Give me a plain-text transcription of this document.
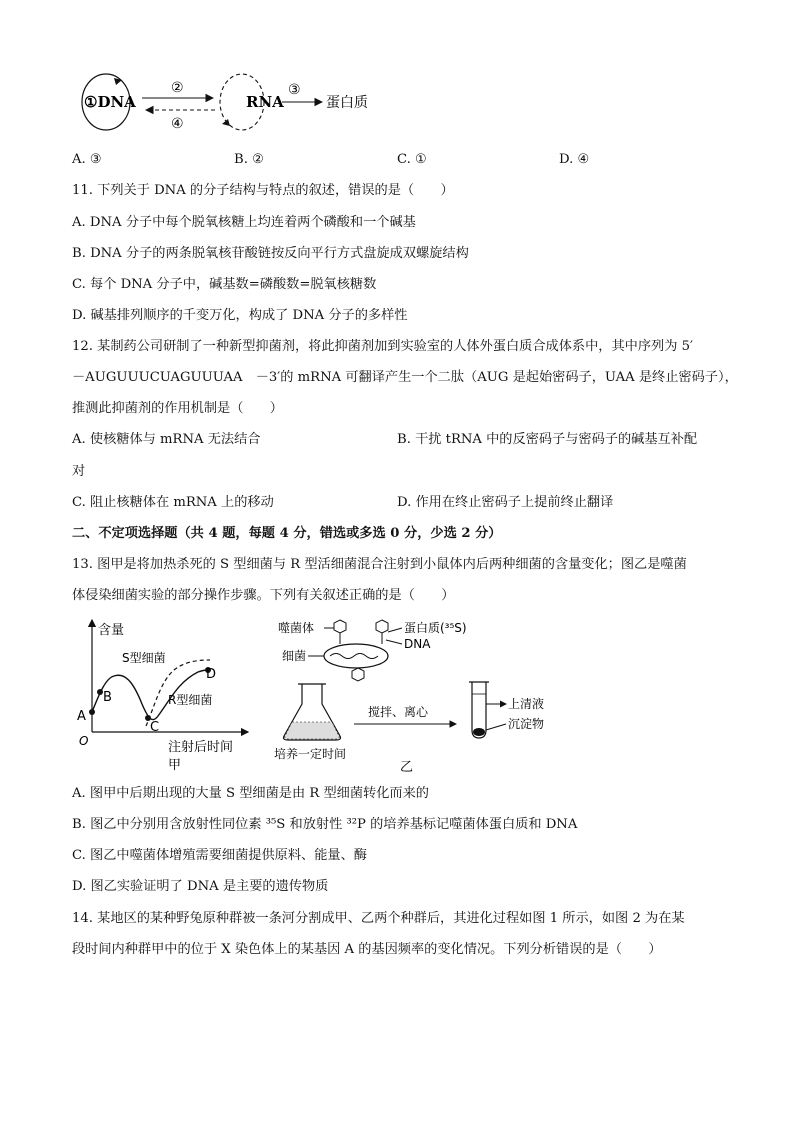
①DNA
②
④
RNA
③
蛋白质
A. ③	B. ②	C. ①	D. ④
11. 下列关于 DNA 的分子结构与特点的叙述，错误的是（　　）
A. DNA 分子中每个脱氧核糖上均连着两个磷酸和一个碱基
B. DNA 分子的两条脱氧核苷酸链按反向平行方式盘旋成双螺旋结构
C. 每个 DNA 分子中，碱基数=磷酸数=脱氧核糖数
D. 碱基排列顺序的千变万化，构成了 DNA 分子的多样性
12. 某制药公司研制了一种新型抑菌剂，将此抑菌剂加到实验室的人体外蛋白质合成体系中，其中序列为 5′
－AUGUUUCUAGUUUAA　－3′的 mRNA 可翻译产生一个二肽（AUG 是起始密码子，UAA 是终止密码子），
推测此抑菌剂的作用机制是（　　）
A. 使核糖体与 mRNA 无法结合	B. 干扰 tRNA 中的反密码子与密码子的碱基互补配
对
C. 阻止核糖体在 mRNA 上的移动	D. 作用在终止密码子上提前终止翻译
二、不定项选择题（共 4 题，每题 4 分，错选或多选 0 分，少选 2 分）
13. 图甲是将加热杀死的 S 型细菌与 R 型活细菌混合注射到小鼠体内后两种细菌的含量变化；图乙是噬菌
体侵染细菌实验的部分操作步骤。下列有关叙述正确的是（　　）
含量
O	注射后时间
甲
A
B
C
D
S型细菌
R型细菌
噬菌体
细菌
蛋白质(³⁵S)
DNA
培养一定时间
搅拌、离心
上清液
沉淀物
乙
A. 图甲中后期出现的大量 S 型细菌是由 R 型细菌转化而来的
B. 图乙中分别用含放射性同位素 ³⁵S 和放射性 ³²P 的培养基标记噬菌体蛋白质和 DNA
C. 图乙中噬菌体增殖需要细菌提供原料、能量、酶
D. 图乙实验证明了 DNA 是主要的遗传物质
14. 某地区的某种野兔原种群被一条河分割成甲、乙两个种群后，其进化过程如图 1 所示，如图 2 为在某
段时间内种群甲中的位于 X 染色体上的某基因 A 的基因频率的变化情况。下列分析错误的是（　　）
